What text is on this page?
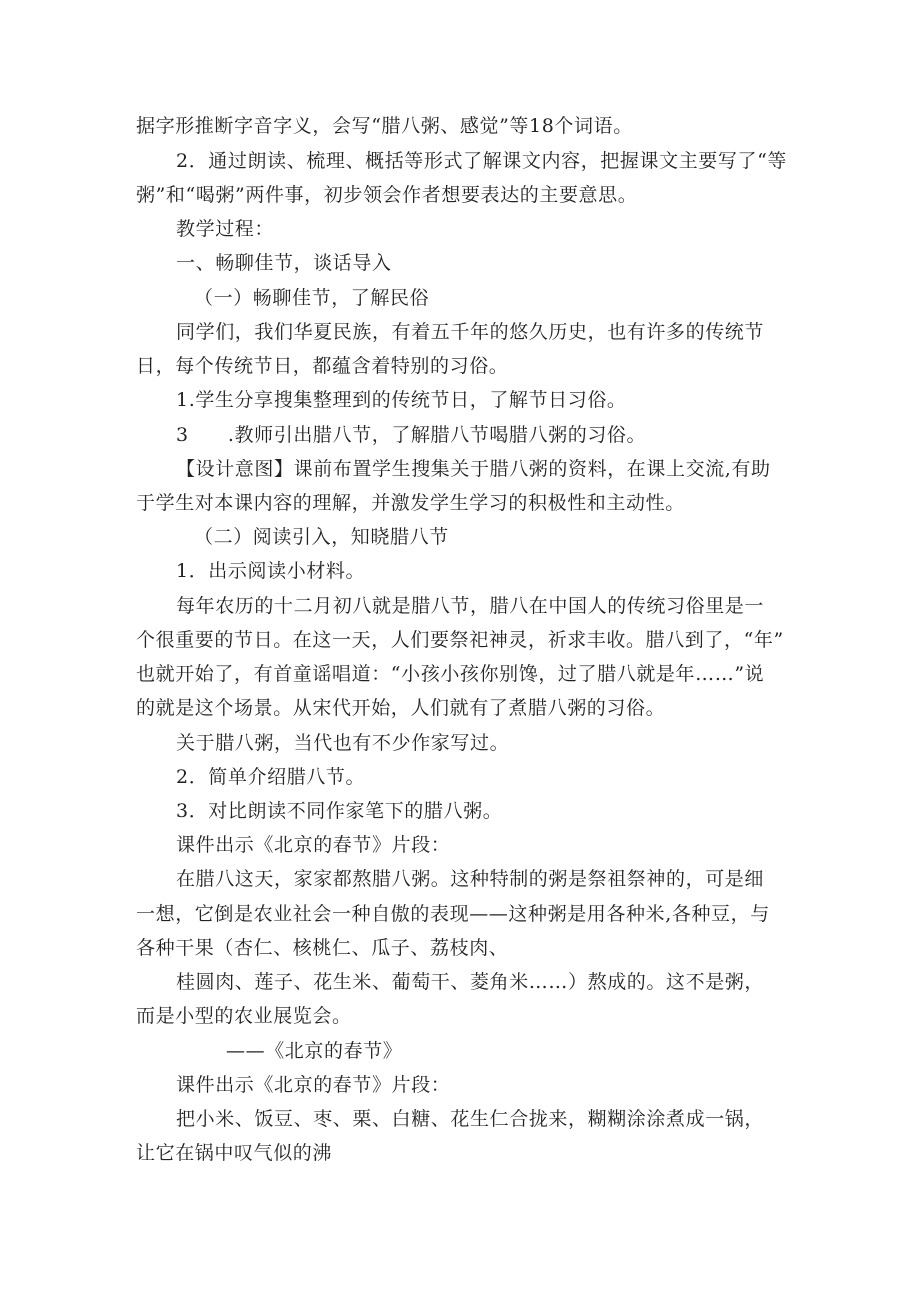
据字形推断字音字义，会写“腊八粥、感觉”等18个词语。
2．通过朗读、梳理、概括等形式了解课文内容，把握课文主要写了“等
粥”和“喝粥”两件事，初步领会作者想要表达的主要意思。
教学过程：
一、畅聊佳节，谈话导入
（一）畅聊佳节，了解民俗
同学们，我们华夏民族，有着五千年的悠久历史，也有许多的传统节
日，每个传统节日，都蕴含着特别的习俗。
1.学生分享搜集整理到的传统节日，了解节日习俗。
3　　.教师引出腊八节，了解腊八节喝腊八粥的习俗。
【设计意图】课前布置学生搜集关于腊八粥的资料，在课上交流,有助
于学生对本课内容的理解，并激发学生学习的积极性和主动性。
（二）阅读引入，知晓腊八节
1．出示阅读小材料。
每年农历的十二月初八就是腊八节，腊八在中国人的传统习俗里是一
个很重要的节日。在这一天，人们要祭祀神灵，祈求丰收。腊八到了，“年”
也就开始了，有首童谣唱道：“小孩小孩你别馋，过了腊八就是年……”说
的就是这个场景。从宋代开始，人们就有了煮腊八粥的习俗。
关于腊八粥，当代也有不少作家写过。
2．简单介绍腊八节。
3．对比朗读不同作家笔下的腊八粥。
课件出示《北京的春节》片段：
在腊八这天，家家都熬腊八粥。这种特制的粥是祭祖祭神的，可是细
一想，它倒是农业社会一种自傲的表现——这种粥是用各种米,各种豆，与
各种干果（杏仁、核桃仁、瓜子、荔枝肉、
桂圆肉、莲子、花生米、葡萄干、菱角米……）熬成的。这不是粥，
而是小型的农业展览会。
——《北京的春节》
课件出示《北京的春节》片段：
把小米、饭豆、枣、栗、白糖、花生仁合拢来，糊糊涂涂煮成一锅，
让它在锅中叹气似的沸
